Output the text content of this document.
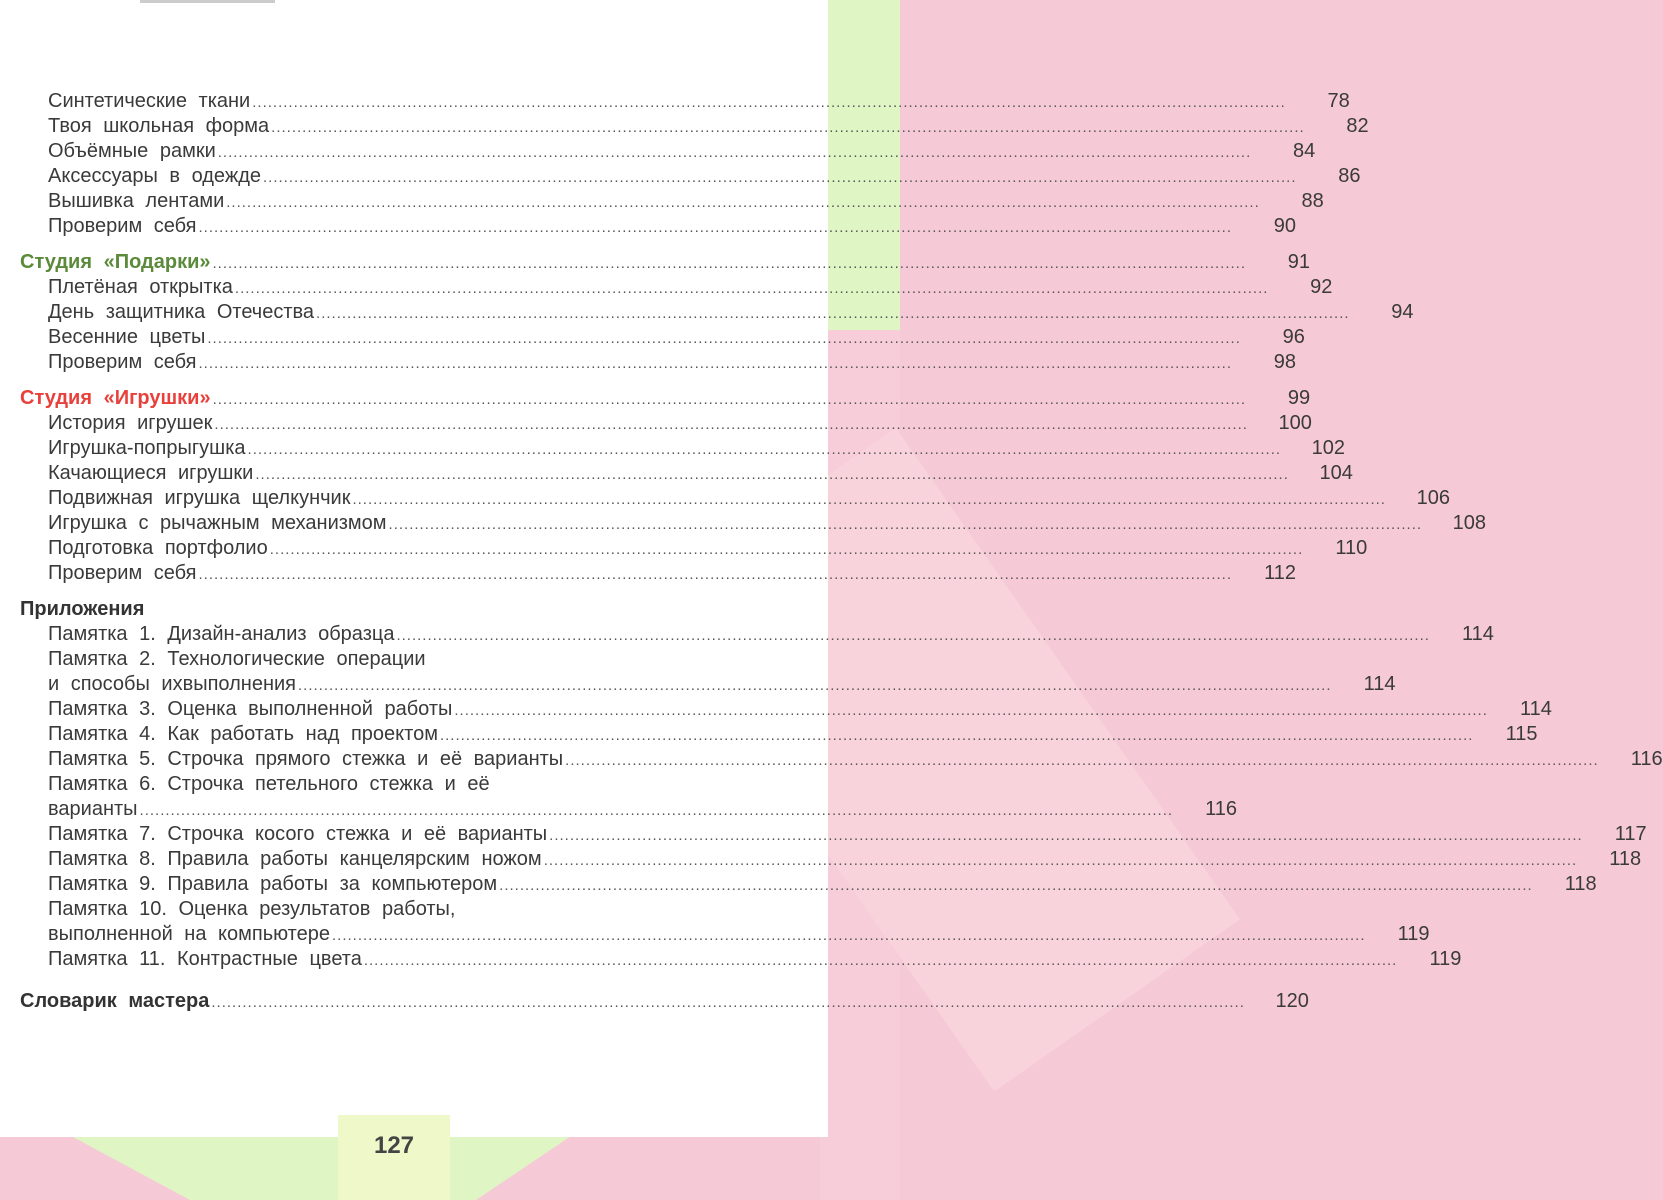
Синтетические ткани ........................................................................................................................................................................................................	78
Твоя школьная форма ........................................................................................................................................................................................................	82
Объёмные рамки ........................................................................................................................................................................................................	84
Аксессуары в одежде ........................................................................................................................................................................................................	86
Вышивка лентами ........................................................................................................................................................................................................	88
Проверим себя ........................................................................................................................................................................................................	90
Студия «Подарки» ........................................................................................................................................................................................................	91
Плетёная открытка ........................................................................................................................................................................................................	92
День защитника Отечества ........................................................................................................................................................................................................	94
Весенние цветы ........................................................................................................................................................................................................	96
Проверим себя ........................................................................................................................................................................................................	98
Студия «Игрушки» ........................................................................................................................................................................................................	99
История игрушек ........................................................................................................................................................................................................	100
Игрушка-попрыгушка ........................................................................................................................................................................................................	102
Качающиеся игрушки ........................................................................................................................................................................................................	104
Подвижная игрушка щелкунчик ........................................................................................................................................................................................................	106
Игрушка с рычажным механизмом ........................................................................................................................................................................................................	108
Подготовка портфолио ........................................................................................................................................................................................................	110
Проверим себя ........................................................................................................................................................................................................	112
Приложения
Памятка 1. Дизайн-анализ образца ........................................................................................................................................................................................................	114
Памятка 2. Технологические операции
и способы ихвыполнения ........................................................................................................................................................................................................	114
Памятка 3. Оценка выполненной работы ........................................................................................................................................................................................................	114
Памятка 4. Как работать над проектом ........................................................................................................................................................................................................	115
Памятка 5. Строчка прямого стежка и её варианты ........................................................................................................................................................................................................	116
Памятка 6. Строчка петельного стежка и её
варианты ........................................................................................................................................................................................................	116
Памятка 7. Строчка косого стежка и её варианты ........................................................................................................................................................................................................	117
Памятка 8. Правила работы канцелярским ножом ........................................................................................................................................................................................................	118
Памятка 9. Правила работы за компьютером ........................................................................................................................................................................................................	118
Памятка 10. Оценка результатов работы,
выполненной на компьютере ........................................................................................................................................................................................................	119
Памятка 11. Контрастные цвета ........................................................................................................................................................................................................	119
Словарик мастера ........................................................................................................................................................................................................	120
127
